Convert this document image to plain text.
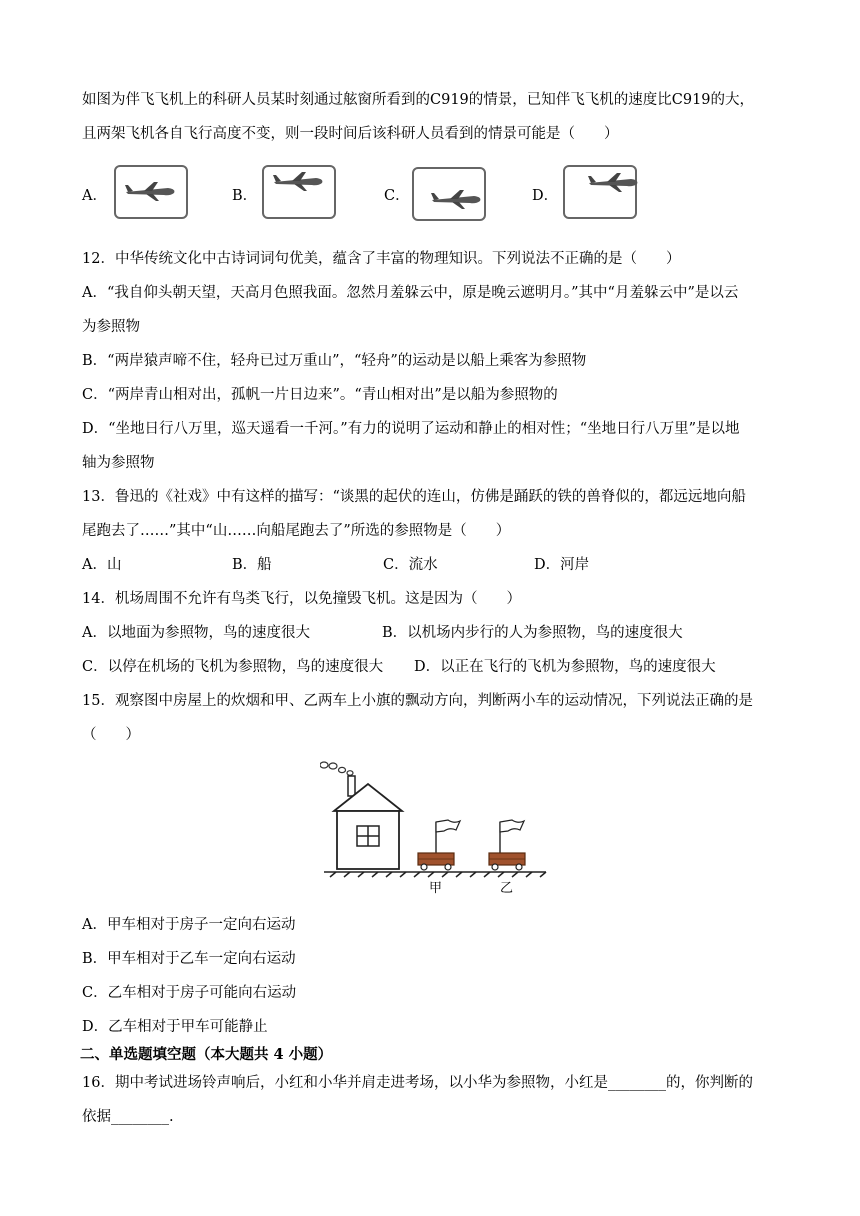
如图为伴飞飞机上的科研人员某时刻通过舷窗所看到的C919的情景，已知伴飞飞机的速度比C919的大，
且两架飞机各自飞行高度不变，则一段时间后该科研人员看到的情景可能是（　　）
A．	B．	C．	D．
12．中华传统文化中古诗词词句优美，蕴含了丰富的物理知识。下列说法不正确的是（　　）
A．“我自仰头朝天望，天高月色照我面。忽然月羞躲云中，原是晚云遮明月。”其中“月羞躲云中”是以云
为参照物
B．“两岸猿声啼不住，轻舟已过万重山”，“轻舟”的运动是以船上乘客为参照物
C．“两岸青山相对出，孤帆一片日边来”。“青山相对出”是以船为参照物的
D．“坐地日行八万里，巡天遥看一千河。”有力的说明了运动和静止的相对性；“坐地日行八万里”是以地
轴为参照物
13．鲁迅的《社戏》中有这样的描写：“谈黑的起伏的连山，仿佛是踊跃的铁的兽脊似的，都远远地向船
尾跑去了……”其中“山……向船尾跑去了”所选的参照物是（　　）
A．山	B．船	C．流水	D．河岸
14．机场周围不允许有鸟类飞行，以免撞毁飞机。这是因为（　　）
A．以地面为参照物，鸟的速度很大	B．以机场内步行的人为参照物，鸟的速度很大
C．以停在机场的飞机为参照物，鸟的速度很大 D．以正在飞行的飞机为参照物，鸟的速度很大
15．观察图中房屋上的炊烟和甲、乙两车上小旗的飘动方向，判断两小车的运动情况，下列说法正确的是
（　　）
甲	乙
A．甲车相对于房子一定向右运动
B．甲车相对于乙车一定向右运动
C．乙车相对于房子可能向右运动
D．乙车相对于甲车可能静止
二、单选题填空题（本大题共 4 小题）
16．期中考试进场铃声响后，小红和小华并肩走进考场，以小华为参照物，小红是________的，你判断的
依据________.
